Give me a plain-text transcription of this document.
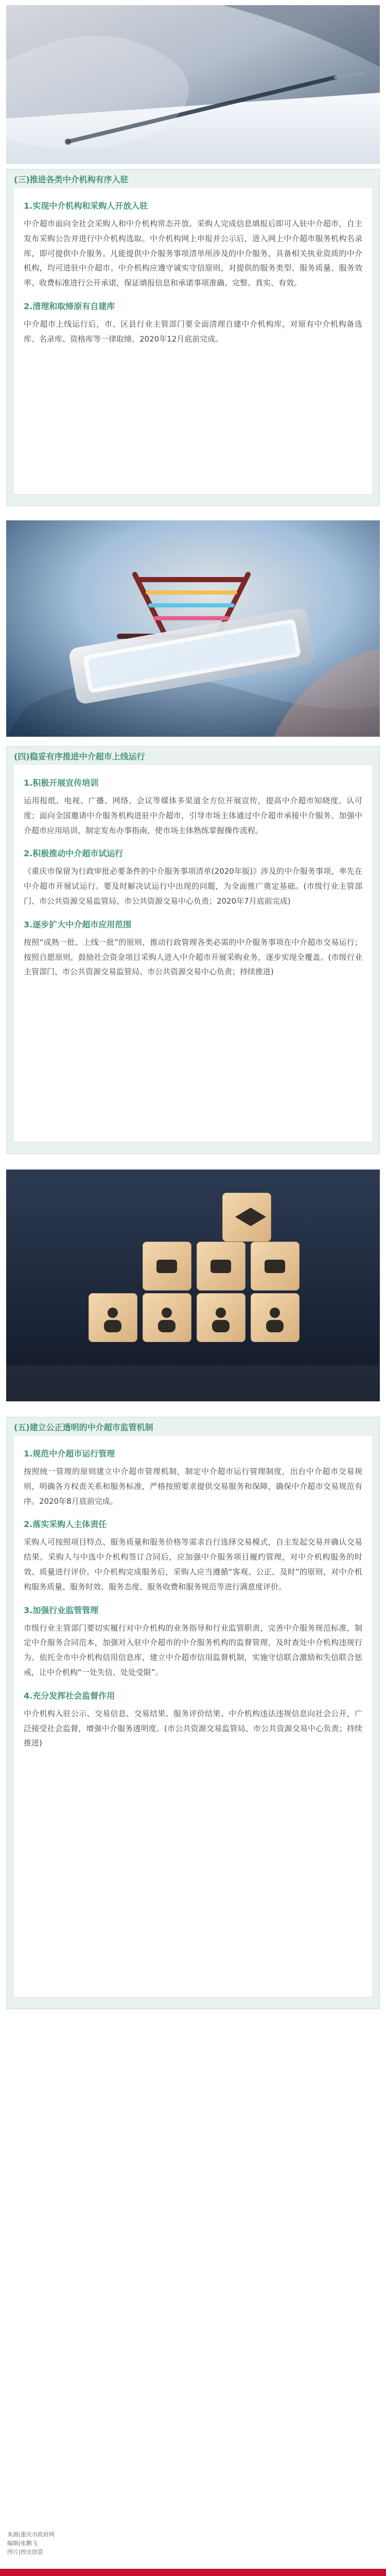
(三)推进各类中介机构有序入驻
1.实现中介机构和采购人开放入驻

中介超市面向全社会采购人和中介机构常态开放。采购人完成信息填报后即可入驻中介超市，自主发布采购公告并进行中介机构选取。中介机构网上申报并公示后，进入网上中介超市服务机构名录库，即可提供中介服务。凡能提供中介服务事项清单所涉及的中介服务，具备相关执业资质的中介机构，均可进驻中介超市。中介机构应遵守诚实守信原则，对提供的服务类型、服务质量、服务效率、收费标准进行公开承诺，保证填报信息和承诺事项准确、完整、真实、有效。

2.清理和取缔原有自建库

中介超市上线运行后，市、区县行业主管部门要全面清理自建中介机构库，对原有中介机构备选库、名录库、资格库等一律取缔。2020年12月底前完成。

(四)稳妥有序推进中介超市上线运行
1.积极开展宣传培训

运用报纸、电视、广播、网络、会议等媒体多渠道全方位开展宣传，提高中介超市知晓度、认可度；面向全国邀请中介服务机构进驻中介超市，引导市场主体通过中介超市承接中介服务。加强中介超市应用培训，制定发布办事指南，使市场主体熟练掌握操作流程。

2.积极推动中介超市试运行

《重庆市保留为行政审批必要条件的中介服务事项清单(2020年版)》涉及的中介服务事项，率先在中介超市开展试运行。要及时解决试运行中出现的问题，为全面推广奠定基础。(市级行业主管部门、市公共资源交易监管局、市公共资源交易中心负责；2020年7月底前完成)

3.逐步扩大中介超市应用范围

按照“成熟一批、上线一批”的原则，推动行政管理各类必需的中介服务事项在中介超市交易运行；按照自愿原则，鼓励社会资金项目采购人进入中介超市开展采购业务，逐步实现全覆盖。(市级行业主管部门、市公共资源交易监管局、市公共资源交易中心负责；持续推进)

(五)建立公正透明的中介超市监管机制
1.规范中介超市运行管理

按照统一管理的原则建立中介超市管理机制，制定中介超市运行管理制度，出台中介超市交易规则，明确各方权责关系和服务标准，严格按照要求提供交易服务和保障，确保中介超市交易规范有序。2020年8月底前完成。

2.落实采购人主体责任

采购人可按照项目特点、服务质量和服务价格等需求自行选择交易模式，自主发起交易并确认交易结果。采购人与中选中介机构签订合同后，应加强中介服务项目履约管理，对中介机构服务的时效、质量进行评价。中介机构完成服务后，采购人应当遵循“客观、公正、及时”的原则，对中介机构服务质量、服务时效、服务态度、服务收费和服务规范等进行满意度评价。

3.加强行业监管管理

市级行业主管部门要切实履行对中介机构的业务指导和行业监管职责，完善中介服务规范标准，制定中介服务合同范本，加强对入驻中介超市的中介服务机构的监督管理，及时查处中介机构违规行为。依托全市中介机构信用信息库，建立中介超市信用监督机制，实施守信联合激励和失信联合惩戒，让中介机构“一处失信、处处受限”。

4.充分发挥社会监督作用

中介机构入驻公示、交易信息、交易结果、服务评价结果、中介机构违法违规信息向社会公开，广泛接受社会监督，增强中介服务透明度。(市公共资源交易监管局、市公共资源交易中心负责；持续推进)

来源|重庆市政府网
编辑|张鹏飞
图片|图虫创意
